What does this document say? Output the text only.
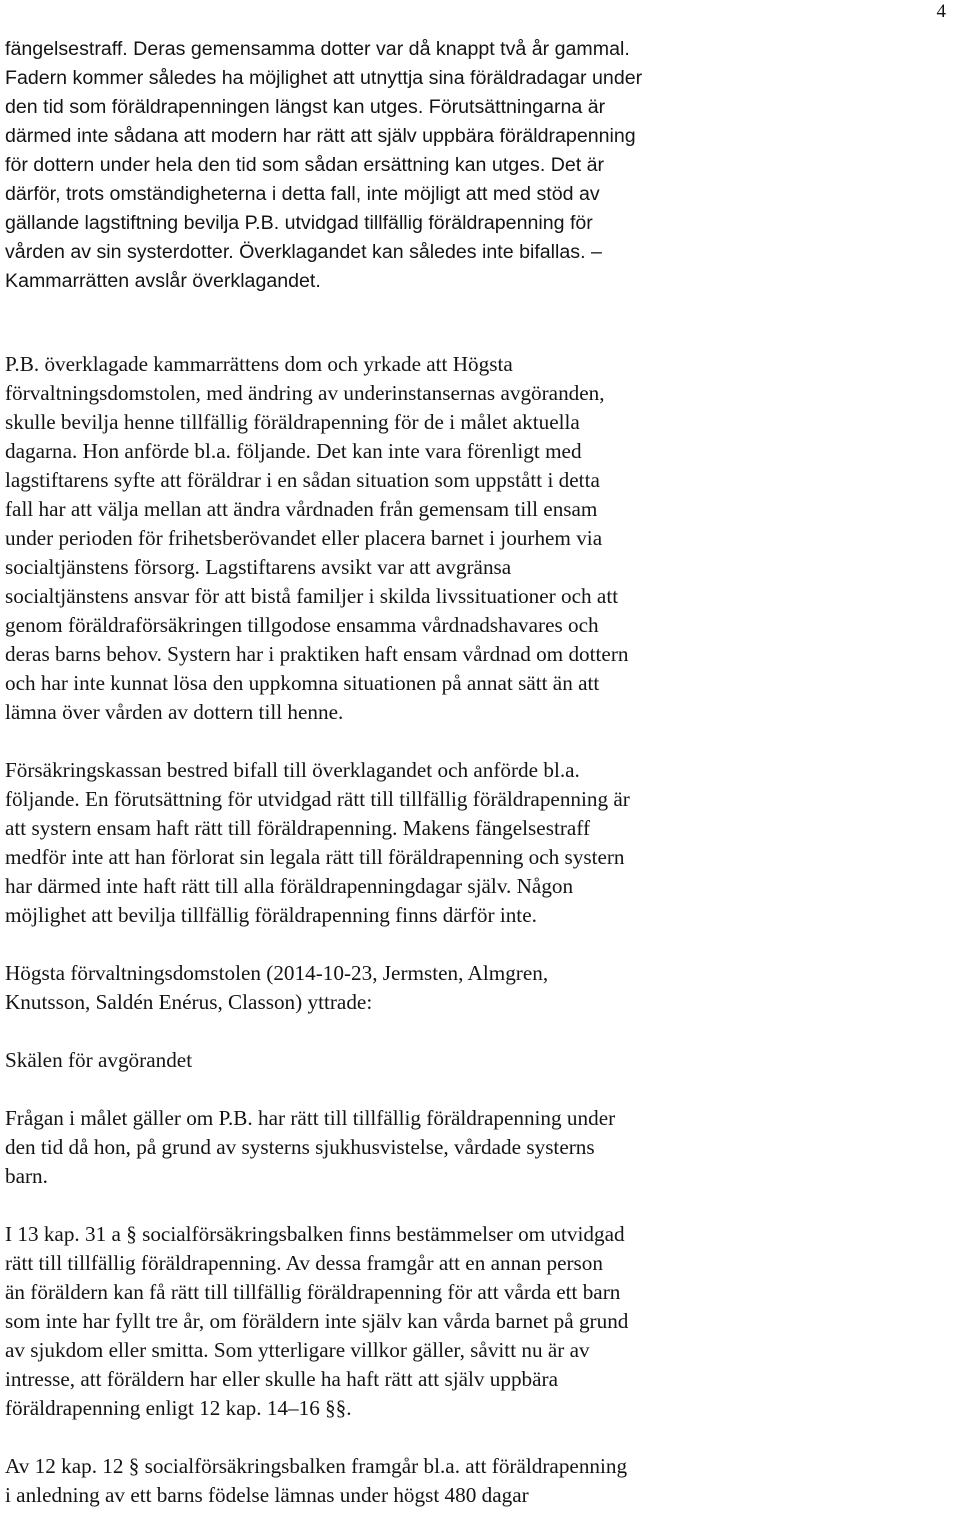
4
fängelsestraff. Deras gemensamma dotter var då knappt två år gammal.
Fadern kommer således ha möjlighet att utnyttja sina föräldradagar under
den tid som föräldrapenningen längst kan utges. Förutsättningarna är
därmed inte sådana att modern har rätt att själv uppbära föräldrapenning
för dottern under hela den tid som sådan ersättning kan utges. Det är
därför, trots omständigheterna i detta fall, inte möjligt att med stöd av
gällande lagstiftning bevilja P.B. utvidgad tillfällig föräldrapenning för
vården av sin systerdotter. Överklagandet kan således inte bifallas. –
Kammarrätten avslår överklagandet.
P.B. överklagade kammarrättens dom och yrkade att Högsta
förvaltningsdomstolen, med ändring av underinstansernas avgöranden,
skulle bevilja henne tillfällig föräldrapenning för de i målet aktuella
dagarna. Hon anförde bl.a. följande. Det kan inte vara förenligt med
lagstiftarens syfte att föräldrar i en sådan situation som uppstått i detta
fall har att välja mellan att ändra vårdnaden från gemensam till ensam
under perioden för frihetsberövandet eller placera barnet i jourhem via
socialtjänstens försorg. Lagstiftarens avsikt var att avgränsa
socialtjänstens ansvar för att bistå familjer i skilda livssituationer och att
genom föräldraförsäkringen tillgodose ensamma vårdnadshavares och
deras barns behov. Systern har i praktiken haft ensam vårdnad om dottern
och har inte kunnat lösa den uppkomna situationen på annat sätt än att
lämna över vården av dottern till henne.
Försäkringskassan bestred bifall till överklagandet och anförde bl.a.
följande. En förutsättning för utvidgad rätt till tillfällig föräldrapenning är
att systern ensam haft rätt till föräldrapenning. Makens fängelsestraff
medför inte att han förlorat sin legala rätt till föräldrapenning och systern
har därmed inte haft rätt till alla föräldrapenningdagar själv. Någon
möjlighet att bevilja tillfällig föräldrapenning finns därför inte.
Högsta förvaltningsdomstolen (2014-10-23, Jermsten, Almgren,
Knutsson, Saldén Enérus, Classon) yttrade:
Skälen för avgörandet
Frågan i målet gäller om P.B. har rätt till tillfällig föräldrapenning under
den tid då hon, på grund av systerns sjukhusvistelse, vårdade systerns
barn.
I 13 kap. 31 a § socialförsäkringsbalken finns bestämmelser om utvidgad
rätt till tillfällig föräldrapenning. Av dessa framgår att en annan person
än föräldern kan få rätt till tillfällig föräldrapenning för att vårda ett barn
som inte har fyllt tre år, om föräldern inte själv kan vårda barnet på grund
av sjukdom eller smitta. Som ytterligare villkor gäller, såvitt nu är av
intresse, att föräldern har eller skulle ha haft rätt att själv uppbära
föräldrapenning enligt 12 kap. 14–16 §§.
Av 12 kap. 12 § socialförsäkringsbalken framgår bl.a. att föräldrapenning
i anledning av ett barns födelse lämnas under högst 480 dagar
